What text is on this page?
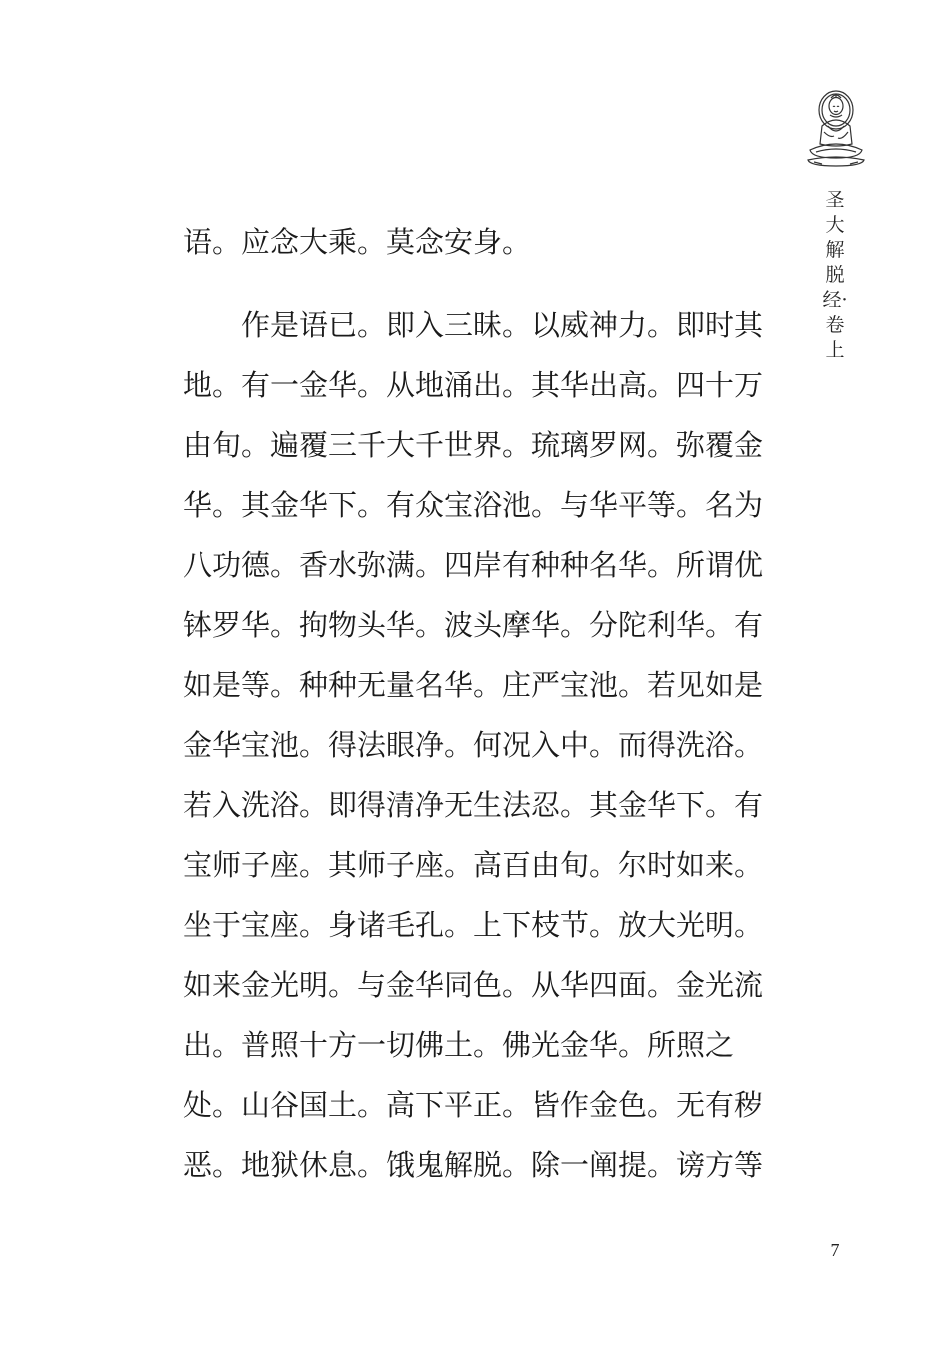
圣大解脱经·卷上
语。应念大乘。莫念安身。
　　作是语已。即入三昧。以威神力。即时其
地。有一金华。从地涌出。其华出高。四十万
由旬。遍覆三千大千世界。琉璃罗网。弥覆金
华。其金华下。有众宝浴池。与华平等。名为
八功德。香水弥满。四岸有种种名华。所谓优
钵罗华。拘物头华。波头摩华。分陀利华。有
如是等。种种无量名华。庄严宝池。若见如是
金华宝池。得法眼净。何况入中。而得洗浴。
若入洗浴。即得清净无生法忍。其金华下。有
宝师子座。其师子座。高百由旬。尔时如来。
坐于宝座。身诸毛孔。上下枝节。放大光明。
如来金光明。与金华同色。从华四面。金光流
出。普照十方一切佛土。佛光金华。所照之
处。山谷国土。高下平正。皆作金色。无有秽
恶。地狱休息。饿鬼解脱。除一阐提。谤方等
7
